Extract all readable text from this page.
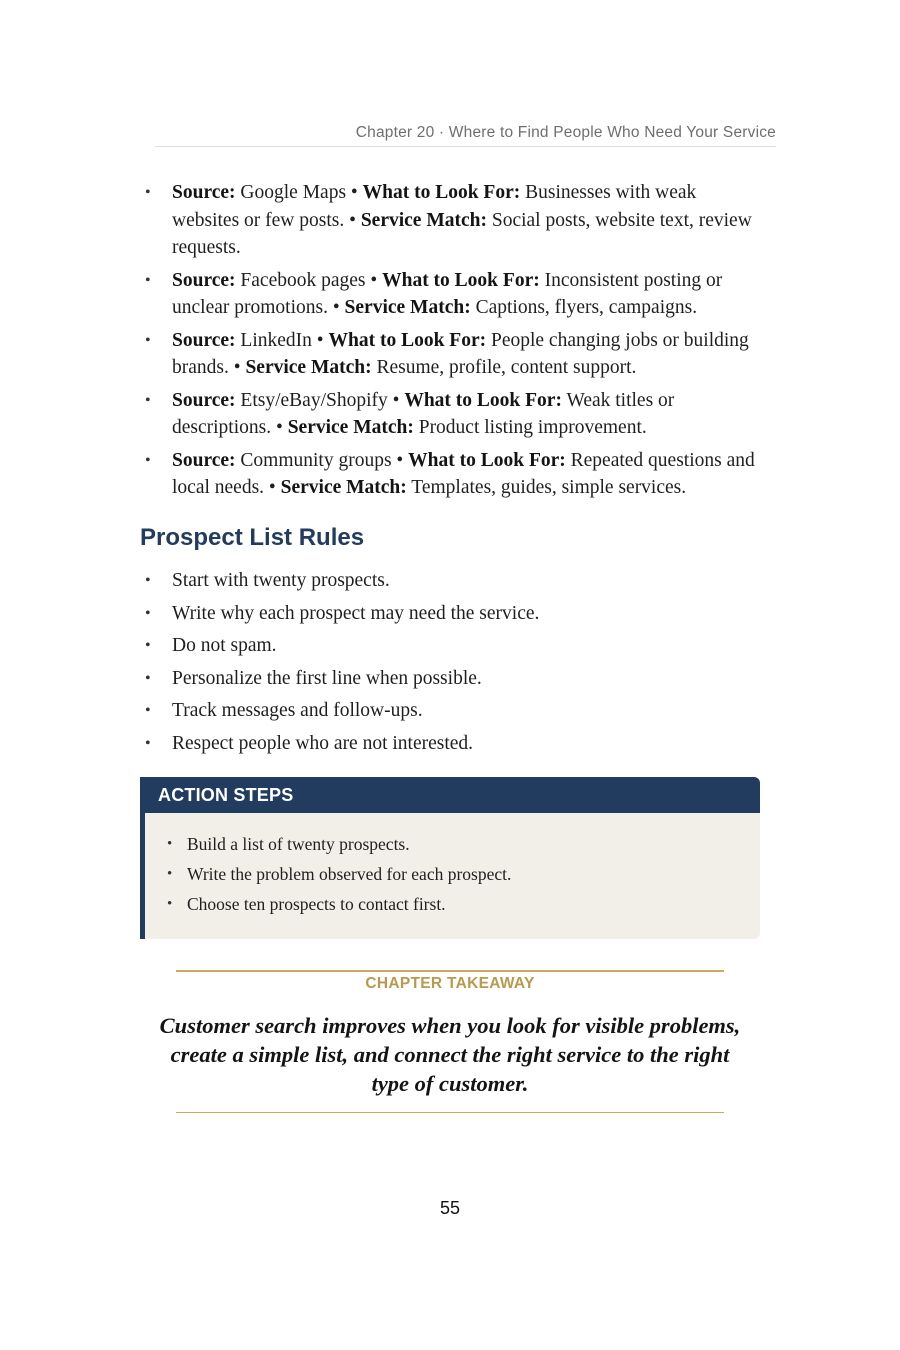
Chapter 20 · Where to Find People Who Need Your Service
• Source: Google Maps • What to Look For: Businesses with weak websites or few posts. • Service Match: Social posts, website text, review requests.
• Source: Facebook pages • What to Look For: Inconsistent posting or unclear promotions. • Service Match: Captions, flyers, campaigns.
• Source: LinkedIn • What to Look For: People changing jobs or building brands. • Service Match: Resume, profile, content support.
• Source: Etsy/eBay/Shopify • What to Look For: Weak titles or descriptions. • Service Match: Product listing improvement.
• Source: Community groups • What to Look For: Repeated questions and local needs. • Service Match: Templates, guides, simple services.
Prospect List Rules
• Start with twenty prospects.
• Write why each prospect may need the service.
• Do not spam.
• Personalize the first line when possible.
• Track messages and follow-ups.
• Respect people who are not interested.
ACTION STEPS
• Build a list of twenty prospects.
• Write the problem observed for each prospect.
• Choose ten prospects to contact first.
CHAPTER TAKEAWAY
Customer search improves when you look for visible problems, create a simple list, and connect the right service to the right type of customer.
55
